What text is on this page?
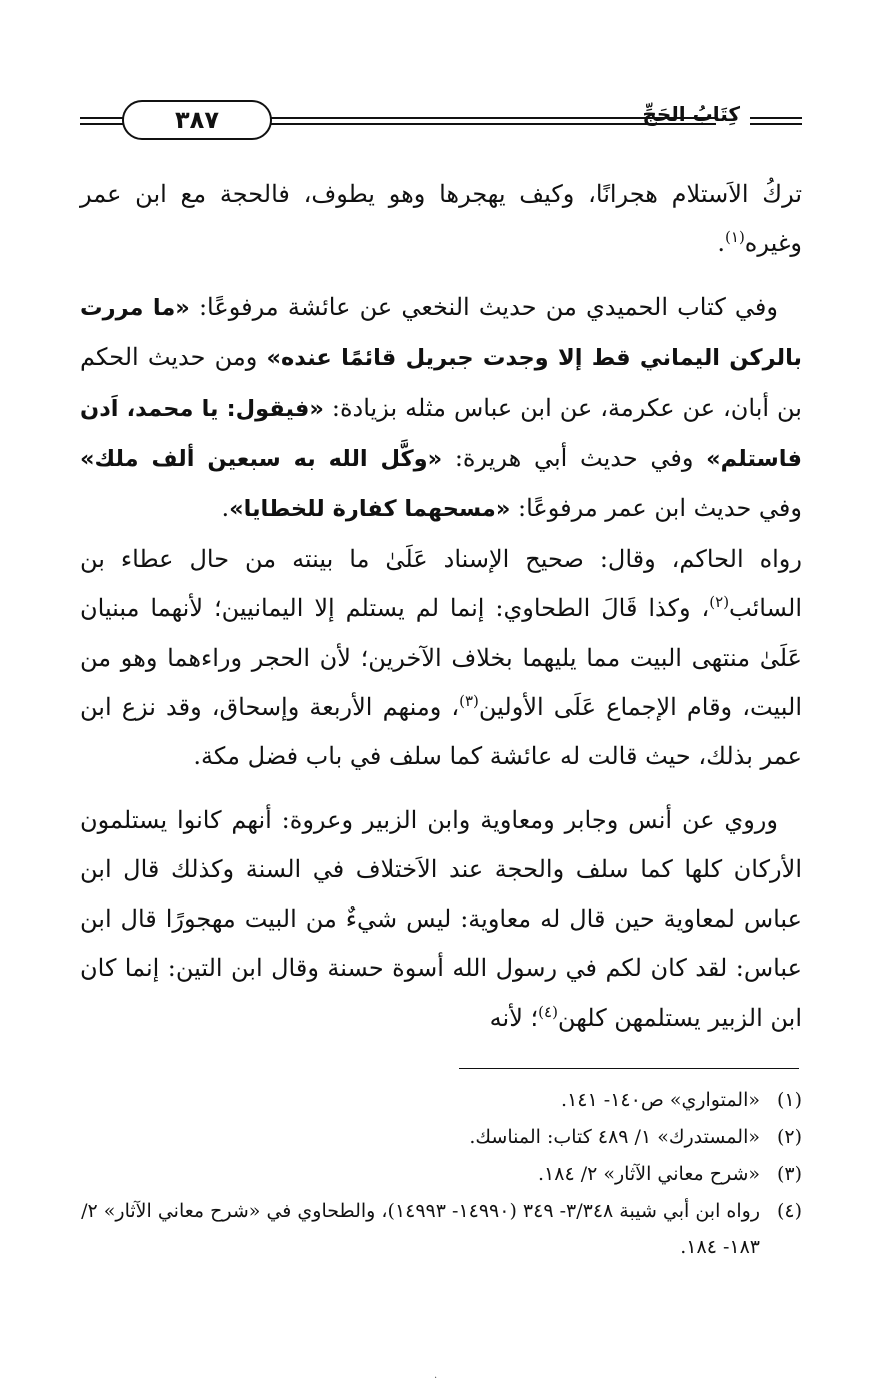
٣٨٧	كِتَابُ الحَجِّ

تركُ الاَستلام هجرانًا، وكيف يهجرها وهو يطوف، فالحجة مع ابن عمر وغيره$^{(١)}$.

وفي كتاب الحميدي من حديث النخعي عن عائشة مرفوعًا: «ما مررت بالركن اليماني قط إلا وجدت جبريل قائمًا عنده» ومن حديث الحكم بن أبان، عن عكرمة، عن ابن عباس مثله بزيادة: «فيقول: يا محمد، اَدن فاستلم» وفي حديث أبي هريرة: «وكَّل الله به سبعين ألف ملك» وفي حديث ابن عمر مرفوعًا: «مسحهما كفارة للخطايا».
رواه الحاكم، وقال: صحيح الإسناد عَلَىٰ ما بينته من حال عطاء بن السائب$^{(٢)}$، وكذا قَالَ الطحاوي: إنما لم يستلم إلا اليمانيين؛ لأنهما مبنيان عَلَىٰ منتهى البيت مما يليهما بخلاف الآخرين؛ لأن الحجر وراءهما وهو من البيت، وقام الإجماع عَلَى الأولين$^{(٣)}$، ومنهم الأربعة وإسحاق، وقد نزع ابن عمر بذلك، حيث قالت له عائشة كما سلف في باب فضل مكة.

وروي عن أنس وجابر ومعاوية وابن الزبير وعروة: أنهم كانوا يستلمون الأركان كلها كما سلف والحجة عند الاَختلاف في السنة وكذلك قال ابن عباس لمعاوية حين قال له معاوية: ليس شيءٌ من البيت مهجورًا قال ابن عباس: لقد كان لكم في رسول الله أسوة حسنة وقال ابن التين: إنما كان ابن الزبير يستلمهن كلهن$^{(٤)}$؛ لأنه

(١)
«المتواري» ص١٤٠- ١٤١.
(٢)
«المستدرك» ١/ ٤٨٩ كتاب: المناسك.
(٣)
«شرح معاني الآثار» ٢/ ١٨٤.
(٤)
رواه ابن أبي شيبة ٣/٣٤٨- ٣٤٩ (١٤٩٩٠- ١٤٩٩٣)، والطحاوي في «شرح معاني الآثار» ٢/ ١٨٣- ١٨٤.
.
